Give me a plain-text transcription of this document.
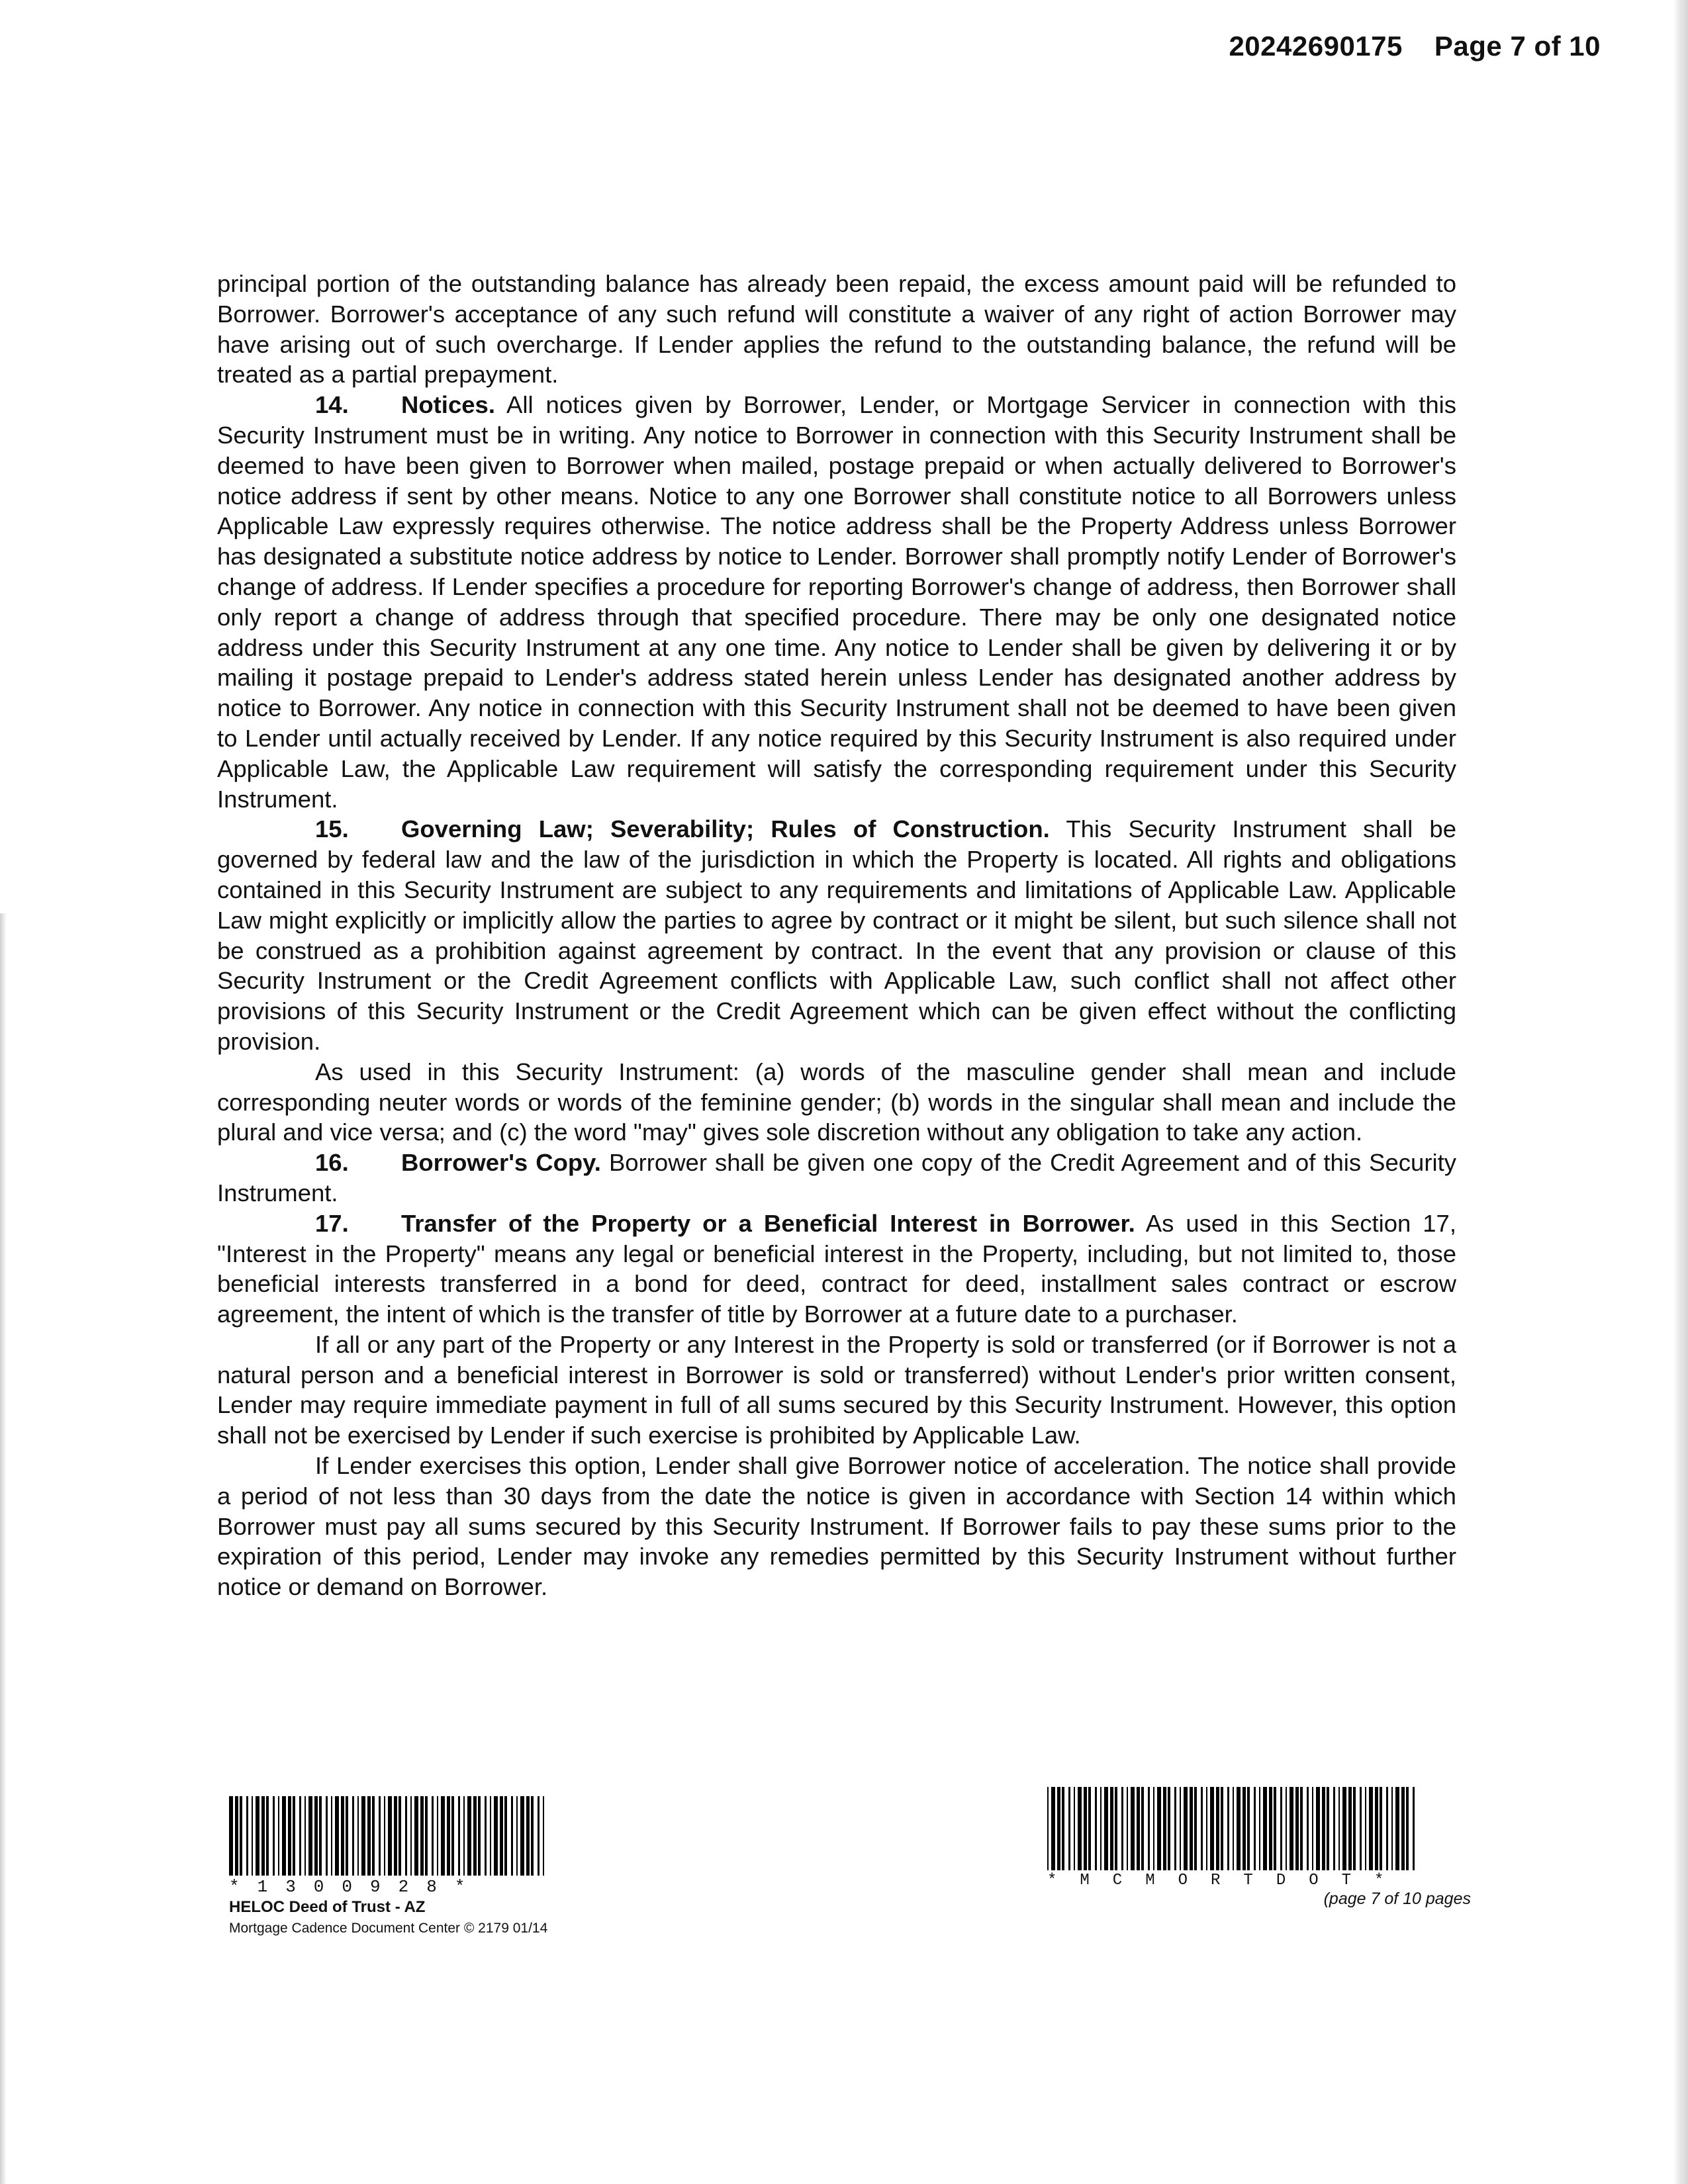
20242690175 Page 7 of 10

principal portion of the outstanding balance has already been repaid, the excess amount paid will be refunded to Borrower. Borrower's acceptance of any such refund will constitute a waiver of any right of action Borrower may have arising out of such overcharge. If Lender applies the refund to the outstanding balance, the refund will be treated as a partial prepayment.

14. Notices. All notices given by Borrower, Lender, or Mortgage Servicer in connection with this Security Instrument must be in writing. Any notice to Borrower in connection with this Security Instrument shall be deemed to have been given to Borrower when mailed, postage prepaid or when actually delivered to Borrower's notice address if sent by other means. Notice to any one Borrower shall constitute notice to all Borrowers unless Applicable Law expressly requires otherwise. The notice address shall be the Property Address unless Borrower has designated a substitute notice address by notice to Lender. Borrower shall promptly notify Lender of Borrower's change of address. If Lender specifies a procedure for reporting Borrower's change of address, then Borrower shall only report a change of address through that specified procedure. There may be only one designated notice address under this Security Instrument at any one time. Any notice to Lender shall be given by delivering it or by mailing it postage prepaid to Lender's address stated herein unless Lender has designated another address by notice to Borrower. Any notice in connection with this Security Instrument shall not be deemed to have been given to Lender until actually received by Lender. If any notice required by this Security Instrument is also required under Applicable Law, the Applicable Law requirement will satisfy the corresponding requirement under this Security Instrument.

15. Governing Law; Severability; Rules of Construction. This Security Instrument shall be governed by federal law and the law of the jurisdiction in which the Property is located. All rights and obligations contained in this Security Instrument are subject to any requirements and limitations of Applicable Law. Applicable Law might explicitly or implicitly allow the parties to agree by contract or it might be silent, but such silence shall not be construed as a prohibition against agreement by contract. In the event that any provision or clause of this Security Instrument or the Credit Agreement conflicts with Applicable Law, such conflict shall not affect other provisions of this Security Instrument or the Credit Agreement which can be given effect without the conflicting provision.

As used in this Security Instrument: (a) words of the masculine gender shall mean and include corresponding neuter words or words of the feminine gender; (b) words in the singular shall mean and include the plural and vice versa; and (c) the word "may" gives sole discretion without any obligation to take any action.

16. Borrower's Copy. Borrower shall be given one copy of the Credit Agreement and of this Security Instrument.

17. Transfer of the Property or a Beneficial Interest in Borrower. As used in this Section 17, "Interest in the Property" means any legal or beneficial interest in the Property, including, but not limited to, those beneficial interests transferred in a bond for deed, contract for deed, installment sales contract or escrow agreement, the intent of which is the transfer of title by Borrower at a future date to a purchaser.

If all or any part of the Property or any Interest in the Property is sold or transferred (or if Borrower is not a natural person and a beneficial interest in Borrower is sold or transferred) without Lender's prior written consent, Lender may require immediate payment in full of all sums secured by this Security Instrument. However, this option shall not be exercised by Lender if such exercise is prohibited by Applicable Law.

If Lender exercises this option, Lender shall give Borrower notice of acceleration. The notice shall provide a period of not less than 30 days from the date the notice is given in accordance with Section 14 within which Borrower must pay all sums secured by this Security Instrument. If Borrower fails to pay these sums prior to the expiration of this period, Lender may invoke any remedies permitted by this Security Instrument without further notice or demand on Borrower.

*1300928*
HELOC Deed of Trust - AZ
Mortgage Cadence Document Center © 2179 01/14
*MCMORTDOT*
(page 7 of 10 pages
